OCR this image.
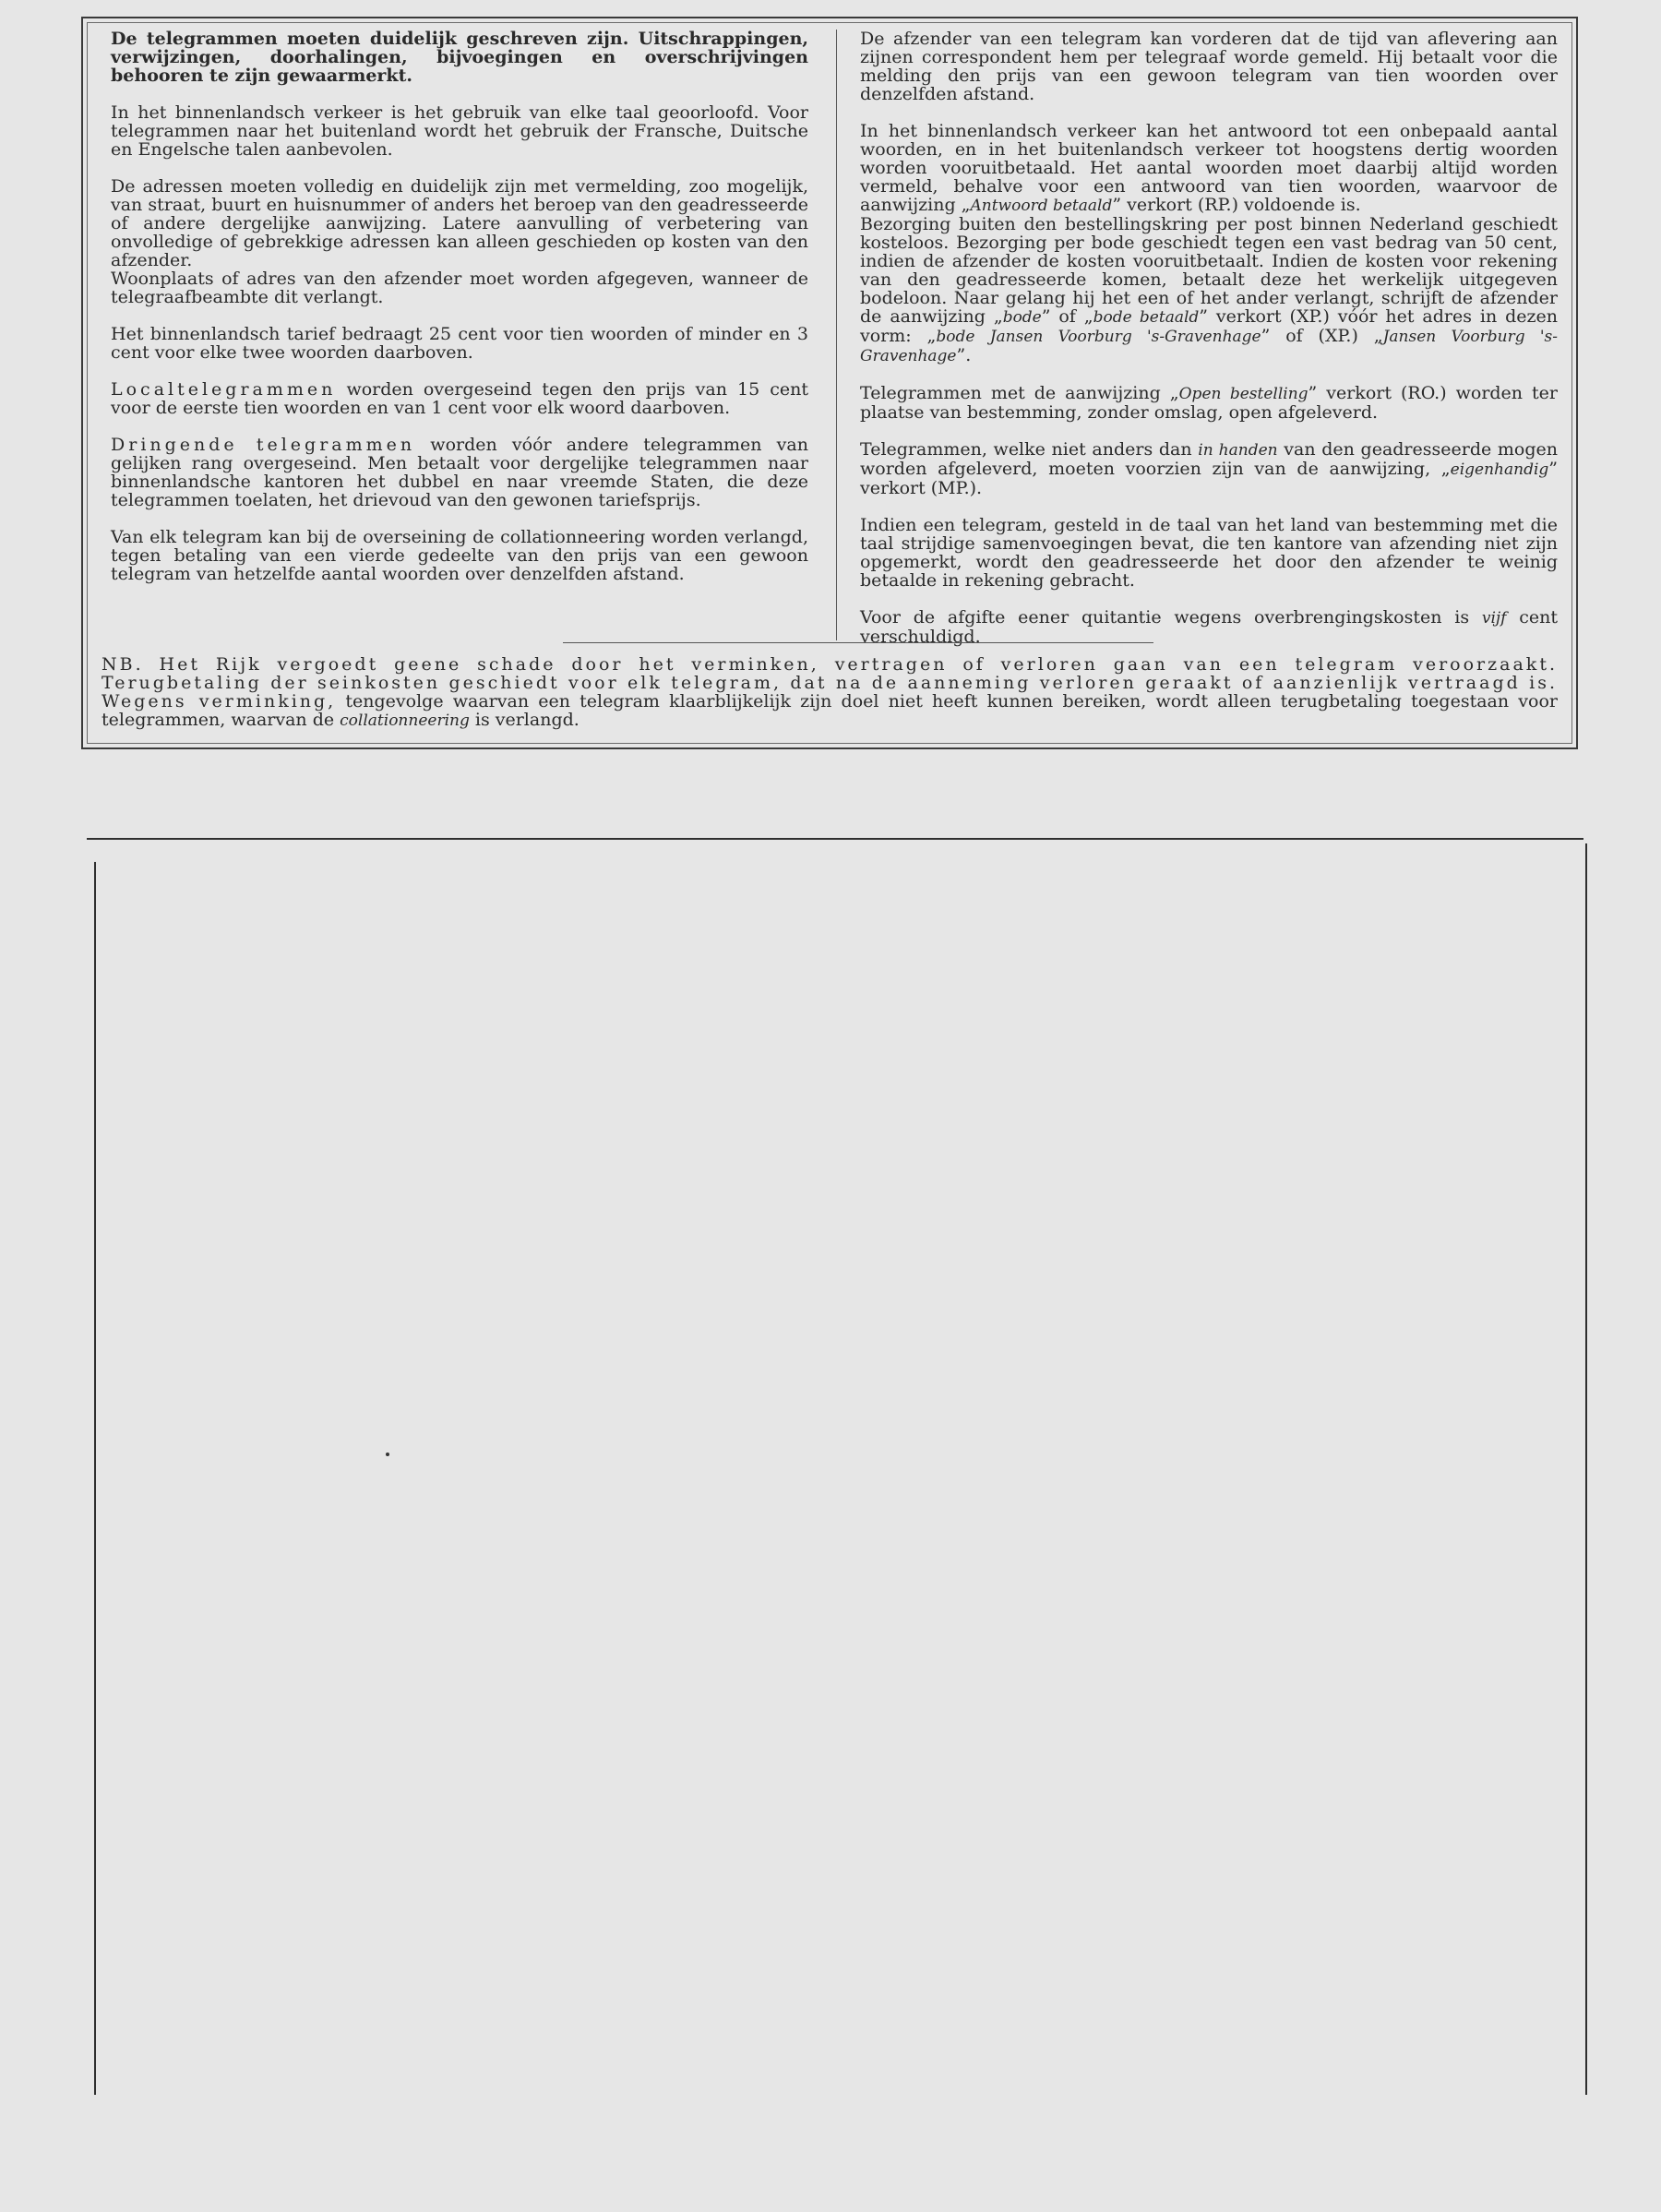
De telegrammen moeten duidelijk geschreven zijn. Uitschrappingen, verwijzingen, doorhalingen, bijvoegingen en overschrijvingen behooren te zijn gewaarmerkt.

In het binnenlandsch verkeer is het gebruik van elke taal geoorloofd. Voor telegrammen naar het buitenland wordt het gebruik der Fransche, Duitsche en Engelsche talen aanbevolen.

De adressen moeten volledig en duidelijk zijn met vermelding, zoo mogelijk, van straat, buurt en huisnummer of anders het beroep van den geadresseerde of andere dergelijke aanwijzing. Latere aanvulling of verbetering van onvolledige of gebrekkige adressen kan alleen geschieden op kosten van den afzender.

Woonplaats of adres van den afzender moet worden afgegeven, wanneer de telegraafbeambte dit verlangt.

Het binnenlandsch tarief bedraagt 25 cent voor tien woorden of minder en 3 cent voor elke twee woorden daarboven.

Localtelegrammen worden overgeseind tegen den prijs van 15 cent voor de eerste tien woorden en van 1 cent voor elk woord daarboven.

Dringende telegrammen worden vóór andere telegrammen van gelijken rang overgeseind. Men betaalt voor dergelijke telegrammen naar binnenlandsche kantoren het dubbel en naar vreemde Staten, die deze telegrammen toelaten, het drievoud van den gewonen tariefsprijs.

Van elk telegram kan bij de overseining de collationneering worden verlangd, tegen betaling van een vierde gedeelte van den prijs van een gewoon telegram van hetzelfde aantal woorden over denzelfden afstand.

De afzender van een telegram kan vorderen dat de tijd van aflevering aan zijnen correspondent hem per telegraaf worde gemeld. Hij betaalt voor die melding den prijs van een gewoon telegram van tien woorden over denzelfden afstand.

In het binnenlandsch verkeer kan het antwoord tot een onbepaald aantal woorden, en in het buitenlandsch verkeer tot hoogstens dertig woorden worden vooruitbetaald. Het aantal woorden moet daarbij altijd worden vermeld, behalve voor een antwoord van tien woorden, waarvoor de aanwijzing „Antwoord betaald” verkort (RP.) voldoende is.

Bezorging buiten den bestellingskring per post binnen Nederland geschiedt kosteloos. Bezorging per bode geschiedt tegen een vast bedrag van 50 cent, indien de afzender de kosten vooruitbetaalt. Indien de kosten voor rekening van den geadresseerde komen, betaalt deze het werkelijk uitgegeven bodeloon. Naar gelang hij het een of het ander verlangt, schrijft de afzender de aanwijzing „bode” of „bode betaald” verkort (XP.) vóór het adres in dezen vorm: „bode Jansen Voorburg 's-Gravenhage” of (XP.) „Jansen Voorburg 's-Gravenhage”.

Telegrammen met de aanwijzing „Open bestelling” verkort (RO.) worden ter plaatse van bestemming, zonder omslag, open afgeleverd.

Telegrammen, welke niet anders dan in handen van den geadresseerde mogen worden afgeleverd, moeten voorzien zijn van de aanwijzing, „eigenhandig” verkort (MP.).

Indien een telegram, gesteld in de taal van het land van bestemming met die taal strijdige samenvoegingen bevat, die ten kantore van afzending niet zijn opgemerkt, wordt den geadresseerde het door den afzender te weinig betaalde in rekening gebracht.

Voor de afgifte eener quitantie wegens overbrengingskosten is vijf cent verschuldigd.

NB. Het Rijk vergoedt geene schade door het verminken, vertragen of verloren gaan van een telegram veroorzaakt. Terugbetaling der seinkosten geschiedt voor elk telegram, dat na de aanneming verloren geraakt of aanzienlijk vertraagd is. Wegens verminking, tengevolge waarvan een telegram klaarblijkelijk zijn doel niet heeft kunnen bereiken, wordt alleen terugbetaling toegestaan voor telegrammen, waarvan de collationneering is verlangd.
